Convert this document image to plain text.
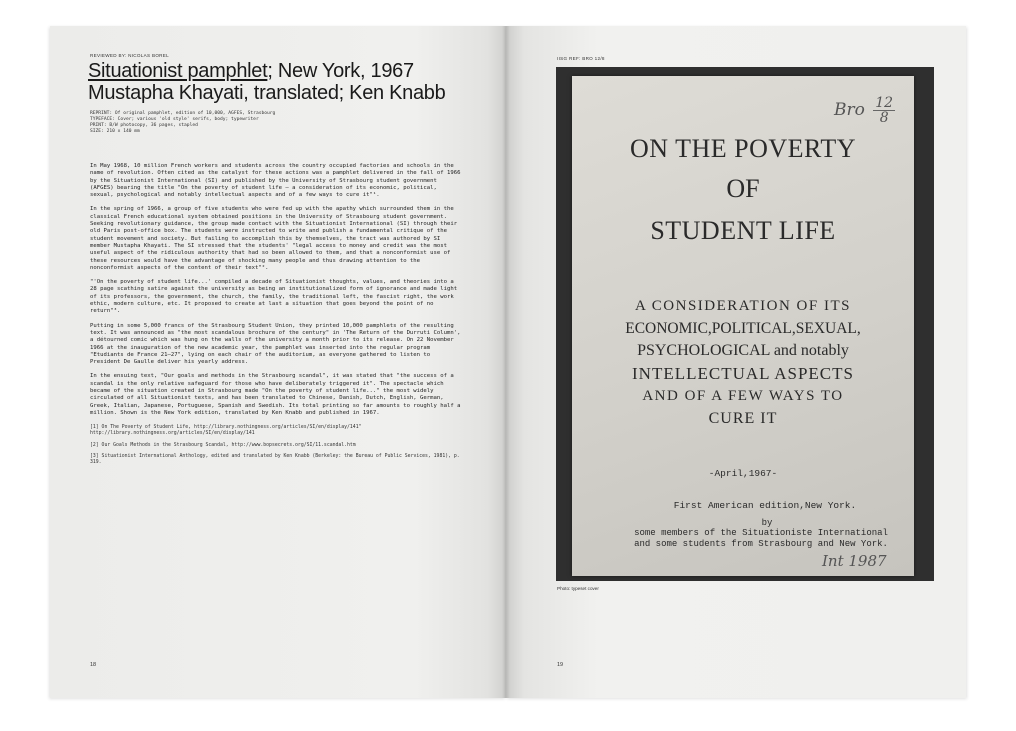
REVIEWED BY: NICOLAS BOREL
Situationist pamphlet; New York, 1967
Mustapha Khayati, translated; Ken Knabb
REPRINT: Of original pamphlet, edition of 10,000, AGFES, Strasbourg
TYPEFACE: Cover; various 'old style' serifs, body; typewriter
PRINT: B/W photocopy, 36 pages, stapled
SIZE: 210 x 140 mm

In May 1968, 10 million French workers and students across the country occupied factories and schools in the name of revolution. Often cited as the catalyst for these actions was a pamphlet delivered in the fall of 1966 by the Situationist International (SI) and published by the University of Strasbourg student government (AFGES) bearing the title "On the poverty of student life — a consideration of its economic, political, sexual, psychological and notably intellectual aspects and of a few ways to cure it"¹.

In the spring of 1966, a group of five students who were fed up with the apathy which surrounded them in the classical French educational system obtained positions in the University of Strasbourg student government. Seeking revolutionary guidance, the group made contact with the Situationist International (SI) through their old Paris post-office box. The students were instructed to write and publish a fundamental critique of the student movement and society. But failing to accomplish this by themselves, the tract was authored by SI member Mustapha Khayati. The SI stressed that the students' "legal access to money and credit was the most useful aspect of the ridiculous authority that had so been allowed to them, and that a nonconformist use of these resources would have the advantage of shocking many people and thus drawing attention to the nonconformist aspects of the content of their text"².

"'On the poverty of student life...' compiled a decade of Situationist thoughts, values, and theories into a 28 page scathing satire against the university as being an institutionalized form of ignorance and made light of its professors, the government, the church, the family, the traditional left, the fascist right, the work ethic, modern culture, etc. It proposed to create at last a situation that goes beyond the point of no return"³.

Putting in some 5,000 francs of the Strasbourg Student Union, they printed 10,000 pamphlets of the resulting text. It was announced as "the most scandalous brochure of the century" in 'The Return of the Durruti Column', a détourned comic which was hung on the walls of the university a month prior to its release. On 22 November 1966 at the inauguration of the new academic year, the pamphlet was inserted into the regular program "Etudiants de France 21–27", lying on each chair of the auditorium, as everyone gathered to listen to President De Gaulle deliver his yearly address.

In the ensuing text, "Our goals and methods in the Strasbourg scandal", it was stated that "the success of a scandal is the only relative safeguard for those who have deliberately triggered it". The spectacle which became of the situation created in Strasbourg made "On the poverty of student life..." the most widely circulated of all Situationist texts, and has been translated to Chinese, Danish, Dutch, English, German, Greek, Italian, Japanese, Portuguese, Spanish and Swedish. Its total printing so far amounts to roughly half a million. Shown is the New York edition, translated by Ken Knabb and published in 1967.

[1] On The Poverty of Student Life, http://library.nothingness.org/articles/SI/en/display/141" http://library.nothingness.org/articles/SI/en/display/141

[2] Our Goals Methods in the Strasbourg Scandal, http://www.bopsecrets.org/SI/11.scandal.htm

[3] Situationist International Anthology, edited and translated by Ken Knabb (Berkeley: the Bureau of Public Services, 1981), p. 319.

18
IISG REF: BRO 12/8
Bro $\frac{12}{8}$
ON THE POVERTY
OF
STUDENT LIFE
A CONSIDERATION OF ITS
ECONOMIC,POLITICAL,SEXUAL,
PSYCHOLOGICAL and notably
INTELLECTUAL ASPECTS
AND OF A FEW WAYS TO
CURE IT
-April,1967-
First American edition,New York.
by
some members of the Situationiste International
and some students from Strasbourg and New York.
Int 1987
Photo: typeset cover
19
